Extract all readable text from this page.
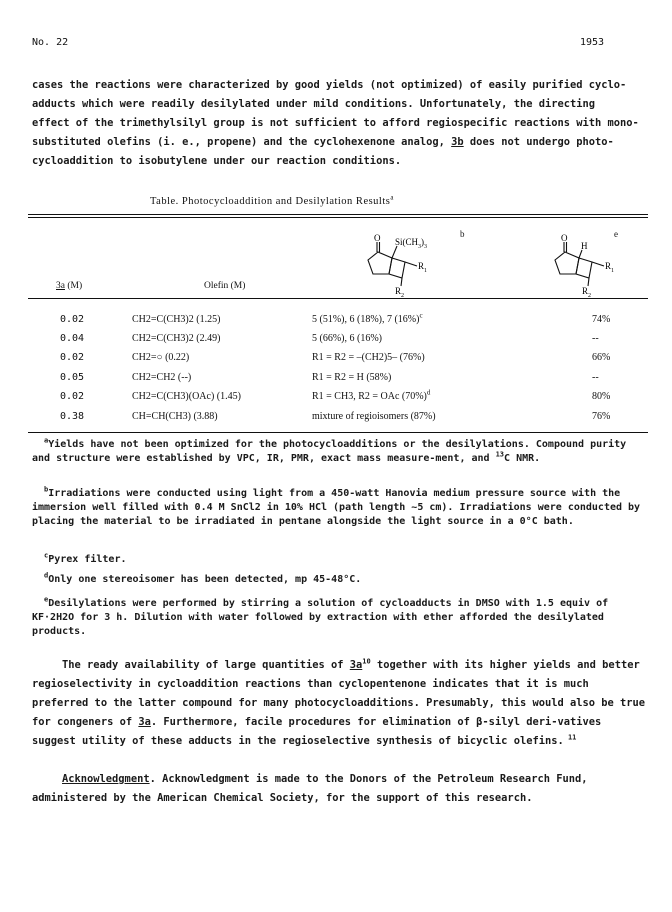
No. 22	1953
cases the reactions were characterized by good yields (not optimized) of easily purified cyclo-
adducts which were readily desilylated under mild conditions. Unfortunately, the directing
effect of the trimethylsilyl group is not sufficient to afford regiospecific reactions with mono-
substituted olefins (i. e., propene) and the cyclohexenone analog, 3b does not undergo photo-
cycloaddition to isobutylene under our reaction conditions.
Table. Photocycloaddition and Desilylation Results$^a$
b	e
O $Si(CH_3)_3$
$R_1$
$R_2$
O
H
$R_1$
$R_2$
3a (M)	Olefin (M)
0.02	CH2=C(CH3)2 (1.25)	5 (51%), 6 (18%), 7 $(16\%)^c$	74%
0.04	CH2=C(CH3)2 (2.49)	5 (66%), 6 (16%)	--
0.02	CH2=○ (0.22)	R1 = R2 = –(CH2)5– (76%)	66%
0.05	CH2=CH2 (--)	R1 = R2 = H (58%)	--
0.02	CH2=C(CH3)(OAc) (1.45)	R1 = CH3, R2 = OAc $(70\%)^d$	80%
0.38	CH=CH(CH3) (3.88)	mixture of regioisomers (87%)	76%
$^a$Yields have not been optimized for the photocycloadditions or the desilylations. Compound purity and structure were established by VPC, IR, PMR, exact mass measure-ment, and $^{13}$C NMR.
$^b$Irradiations were conducted using light from a 450-watt Hanovia medium pressure source with the immersion well filled with 0.4 M SnCl2 in 10% HCl (path length ~5 cm). Irradiations were conducted by placing the material to be irradiated in pentane alongside the light source in a 0°C bath.
$^c$Pyrex filter.
$^d$Only one stereoisomer has been detected, mp 45-48°C.
$^e$Desilylations were performed by stirring a solution of cycloadducts in DMSO with 1.5 equiv of KF·2H2O for 3 h. Dilution with water followed by extraction with ether afforded the desilylated products.
The ready availability of large quantities of $3a^{10}$ together with its higher yields and better regioselectivity in cycloaddition reactions than cyclopentenone indicates that it is much preferred to the latter compound for many photocycloadditions. Presumably, this would also be true for congeners of 3a. Furthermore, facile procedures for elimination of β-silyl deri-vatives suggest utility of these adducts in the regioselective synthesis of bicyclic olefins. $^{11}$
Acknowledgment. Acknowledgment is made to the Donors of the Petroleum Research Fund, administered by the American Chemical Society, for the support of this research.
